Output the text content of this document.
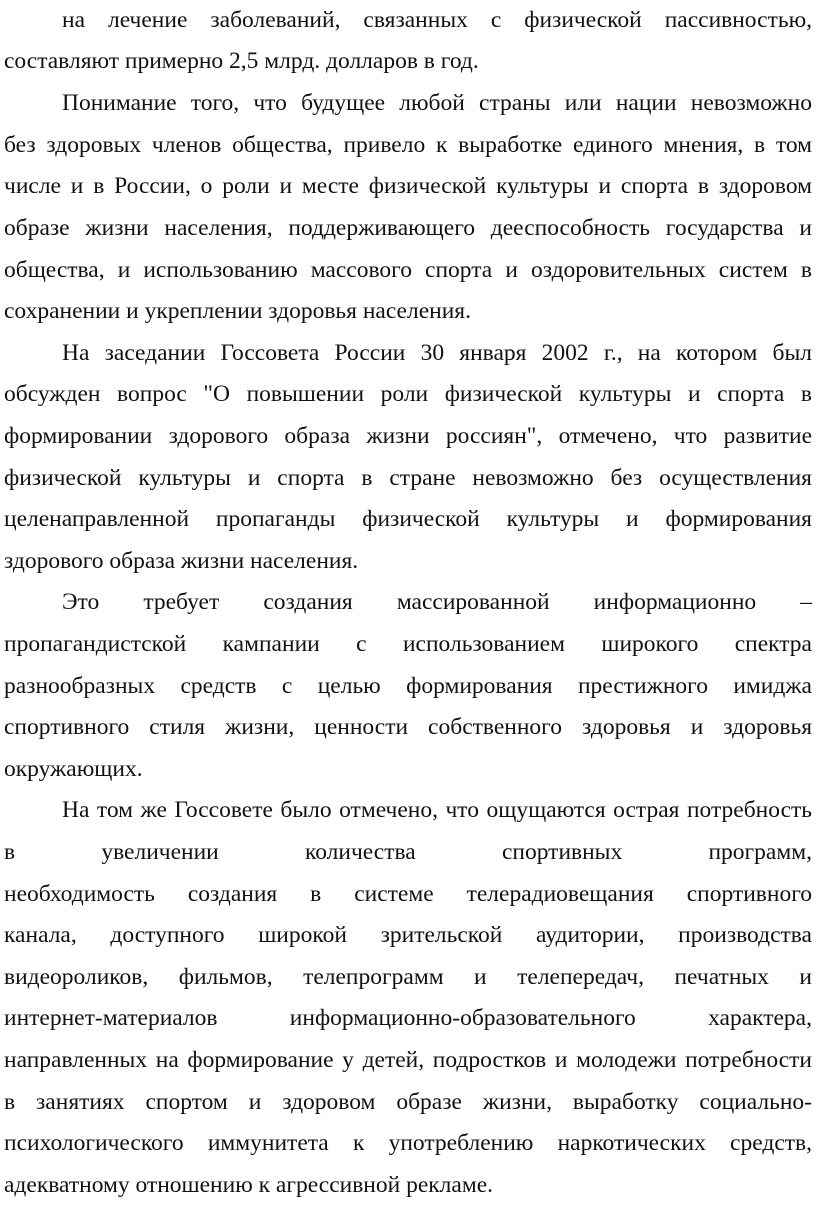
на лечение заболеваний, связанных с физической пассивностью,
составляют примерно 2,5 млрд. долларов в год.
Понимание того, что будущее любой страны или нации невозможно
без здоровых членов общества, привело к выработке единого мнения, в том
числе и в России, о роли и месте физической культуры и спорта в здоровом
образе жизни населения, поддерживающего дееспособность государства и
общества, и использованию массового спорта и оздоровительных систем в
сохранении и укреплении здоровья населения.
На заседании Госсовета России 30 января 2002 г., на котором был
обсужден вопрос "О повышении роли физической культуры и спорта в
формировании здорового образа жизни россиян", отмечено, что развитие
физической культуры и спорта в стране невозможно без осуществления
целенаправленной пропаганды физической культуры и формирования
здорового образа жизни населения.
Это требует создания массированной информационно –
пропагандистской кампании с использованием широкого спектра
разнообразных средств с целью формирования престижного имиджа
спортивного стиля жизни, ценности собственного здоровья и здоровья
окружающих.
На том же Госсовете было отмечено, что ощущаются острая потребность
в увеличении количества спортивных программ,
необходимость создания в системе телерадиовещания спортивного
канала, доступного широкой зрительской аудитории, производства
видеороликов, фильмов, телепрограмм и телепередач, печатных и
интернет-материалов информационно-образовательного характера,
направленных на формирование у детей, подростков и молодежи потребности
в занятиях спортом и здоровом образе жизни, выработку социально-
психологического иммунитета к употреблению наркотических средств,
адекватному отношению к агрессивной рекламе.
